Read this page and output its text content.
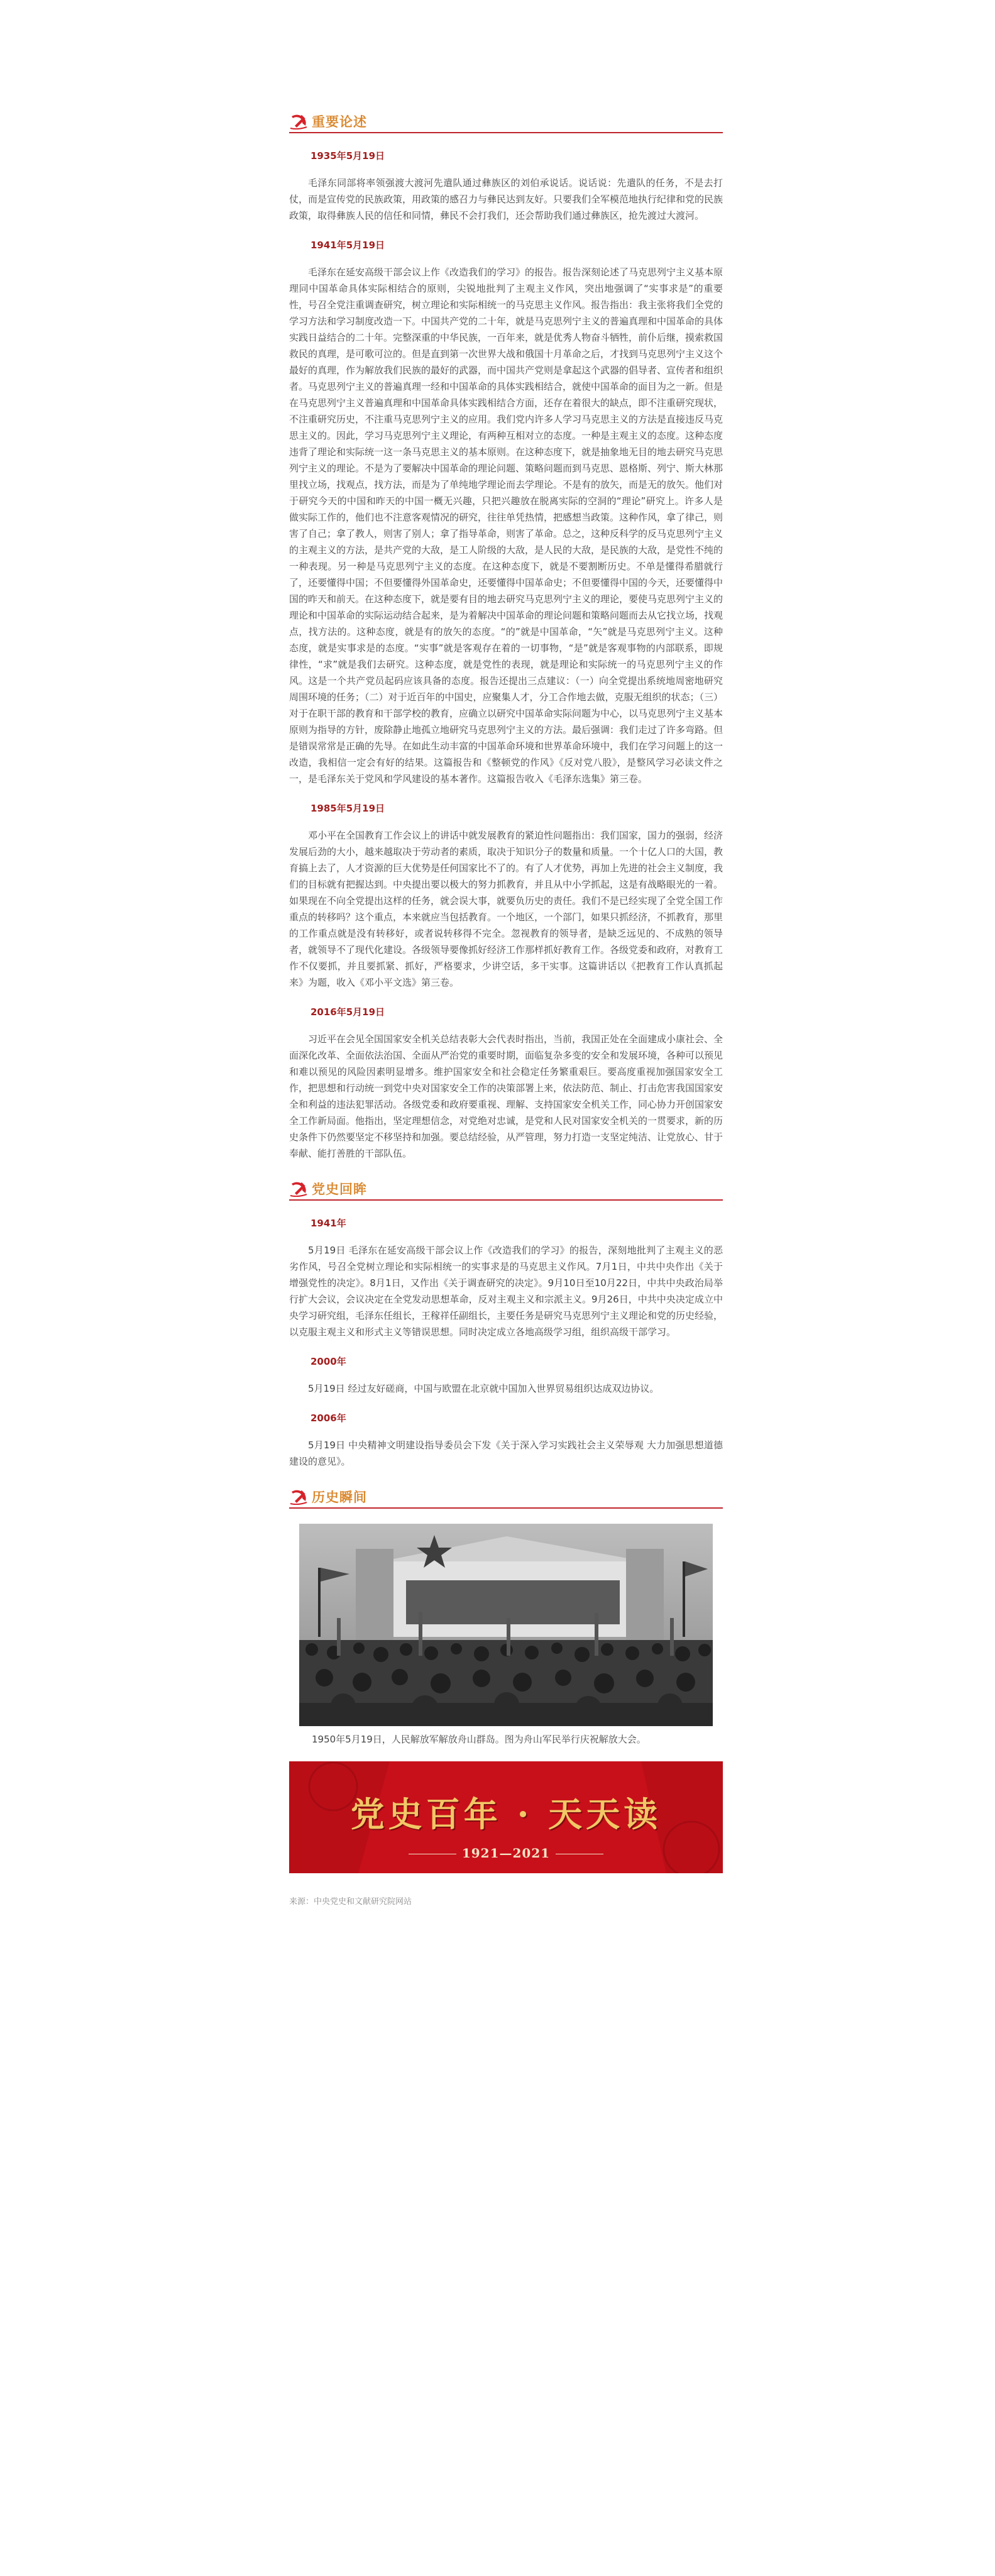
重要论述
1935年5月19日

毛泽东同部将率领强渡大渡河先遣队通过彝族区的刘伯承说话。说话说：先遣队的任务，不是去打仗，而是宣传党的民族政策，用政策的感召力与彝民达到友好。只要我们全军模范地执行纪律和党的民族政策，取得彝族人民的信任和同情，彝民不会打我们，还会帮助我们通过彝族区，抢先渡过大渡河。

1941年5月19日

毛泽东在延安高级干部会议上作《改造我们的学习》的报告。报告深刻论述了马克思列宁主义基本原理同中国革命具体实际相结合的原则，尖锐地批判了主观主义作风，突出地强调了“实事求是”的重要性，号召全党注重调查研究，树立理论和实际相统一的马克思主义作风。报告指出：我主张将我们全党的学习方法和学习制度改造一下。中国共产党的二十年，就是马克思列宁主义的普遍真理和中国革命的具体实践日益结合的二十年。完整深重的中华民族，一百年来，就是优秀人物奋斗牺牲，前仆后继，摸索救国救民的真理，是可歌可泣的。但是直到第一次世界大战和俄国十月革命之后，才找到马克思列宁主义这个最好的真理，作为解放我们民族的最好的武器，而中国共产党则是拿起这个武器的倡导者、宣传者和组织者。马克思列宁主义的普遍真理一经和中国革命的具体实践相结合，就使中国革命的面目为之一新。但是在马克思列宁主义普遍真理和中国革命具体实践相结合方面，还存在着很大的缺点，即不注重研究现状，不注重研究历史，不注重马克思列宁主义的应用。我们党内许多人学习马克思主义的方法是直接违反马克思主义的。因此，学习马克思列宁主义理论，有两种互相对立的态度。一种是主观主义的态度。这种态度违背了理论和实际统一这一条马克思主义的基本原则。在这种态度下，就是抽象地无目的地去研究马克思列宁主义的理论。不是为了要解决中国革命的理论问题、策略问题而到马克思、恩格斯、列宁、斯大林那里找立场，找观点，找方法，而是为了单纯地学理论而去学理论。不是有的放矢，而是无的放矢。他们对于研究今天的中国和昨天的中国一概无兴趣，只把兴趣放在脱离实际的空洞的“理论”研究上。许多人是做实际工作的，他们也不注意客观情况的研究，往往单凭热情，把感想当政策。这种作风，拿了律己，则害了自己；拿了教人，则害了别人；拿了指导革命，则害了革命。总之，这种反科学的反马克思列宁主义的主观主义的方法，是共产党的大敌，是工人阶级的大敌，是人民的大敌，是民族的大敌，是党性不纯的一种表现。另一种是马克思列宁主义的态度。在这种态度下，就是不要割断历史。不单是懂得希腊就行了，还要懂得中国；不但要懂得外国革命史，还要懂得中国革命史；不但要懂得中国的今天，还要懂得中国的昨天和前天。在这种态度下，就是要有目的地去研究马克思列宁主义的理论，要使马克思列宁主义的理论和中国革命的实际运动结合起来，是为着解决中国革命的理论问题和策略问题而去从它找立场，找观点，找方法的。这种态度，就是有的放矢的态度。“的”就是中国革命，“矢”就是马克思列宁主义。这种态度，就是实事求是的态度。“实事”就是客观存在着的一切事物，“是”就是客观事物的内部联系，即规律性，“求”就是我们去研究。这种态度，就是党性的表现，就是理论和实际统一的马克思列宁主义的作风。这是一个共产党员起码应该具备的态度。报告还提出三点建议：（一）向全党提出系统地周密地研究周围环境的任务；（二）对于近百年的中国史，应聚集人才，分工合作地去做，克服无组织的状态；（三）对于在职干部的教育和干部学校的教育，应确立以研究中国革命实际问题为中心，以马克思列宁主义基本原则为指导的方针，废除静止地孤立地研究马克思列宁主义的方法。最后强调：我们走过了许多弯路。但是错误常常是正确的先导。在如此生动丰富的中国革命环境和世界革命环境中，我们在学习问题上的这一改造，我相信一定会有好的结果。这篇报告和《整顿党的作风》《反对党八股》，是整风学习必读文件之一，是毛泽东关于党风和学风建设的基本著作。这篇报告收入《毛泽东选集》第三卷。

1985年5月19日

邓小平在全国教育工作会议上的讲话中就发展教育的紧迫性问题指出：我们国家，国力的强弱，经济发展后劲的大小，越来越取决于劳动者的素质，取决于知识分子的数量和质量。一个十亿人口的大国，教育搞上去了，人才资源的巨大优势是任何国家比不了的。有了人才优势，再加上先进的社会主义制度，我们的目标就有把握达到。中央提出要以极大的努力抓教育，并且从中小学抓起，这是有战略眼光的一着。如果现在不向全党提出这样的任务，就会误大事，就要负历史的责任。我们不是已经实现了全党全国工作重点的转移吗？这个重点，本来就应当包括教育。一个地区，一个部门，如果只抓经济，不抓教育，那里的工作重点就是没有转移好，或者说转移得不完全。忽视教育的领导者，是缺乏远见的、不成熟的领导者，就领导不了现代化建设。各级领导要像抓好经济工作那样抓好教育工作。各级党委和政府，对教育工作不仅要抓，并且要抓紧、抓好，严格要求，少讲空话，多干实事。这篇讲话以《把教育工作认真抓起来》为题，收入《邓小平文选》第三卷。

2016年5月19日

习近平在会见全国国家安全机关总结表彰大会代表时指出，当前，我国正处在全面建成小康社会、全面深化改革、全面依法治国、全面从严治党的重要时期，面临复杂多变的安全和发展环境，各种可以预见和难以预见的风险因素明显增多。维护国家安全和社会稳定任务繁重艰巨。要高度重视加强国家安全工作，把思想和行动统一到党中央对国家安全工作的决策部署上来，依法防范、制止、打击危害我国国家安全和利益的违法犯罪活动。各级党委和政府要重视、理解、支持国家安全机关工作，同心协力开创国家安全工作新局面。他指出，坚定理想信念，对党绝对忠诚，是党和人民对国家安全机关的一贯要求，新的历史条件下仍然要坚定不移坚持和加强。要总结经验，从严管理，努力打造一支坚定纯洁、让党放心、甘于奉献、能打善胜的干部队伍。

党史回眸
1941年

5月19日 毛泽东在延安高级干部会议上作《改造我们的学习》的报告，深刻地批判了主观主义的恶劣作风，号召全党树立理论和实际相统一的实事求是的马克思主义作风。7月1日，中共中央作出《关于增强党性的决定》。8月1日，又作出《关于调查研究的决定》。9月10日至10月22日，中共中央政治局举行扩大会议，会议决定在全党发动思想革命，反对主观主义和宗派主义。9月26日，中共中央决定成立中央学习研究组，毛泽东任组长，王稼祥任副组长，主要任务是研究马克思列宁主义理论和党的历史经验，以克服主观主义和形式主义等错误思想。同时决定成立各地高级学习组，组织高级干部学习。

2000年

5月19日 经过友好磋商，中国与欧盟在北京就中国加入世界贸易组织达成双边协议。

2006年

5月19日 中央精神文明建设指导委员会下发《关于深入学习实践社会主义荣辱观 大力加强思想道德建设的意见》。

历史瞬间
1950年5月19日，人民解放军解放舟山群岛。图为舟山军民举行庆祝解放大会。
党史百年 · 天天读
1921—2021
来源：中央党史和文献研究院网站
